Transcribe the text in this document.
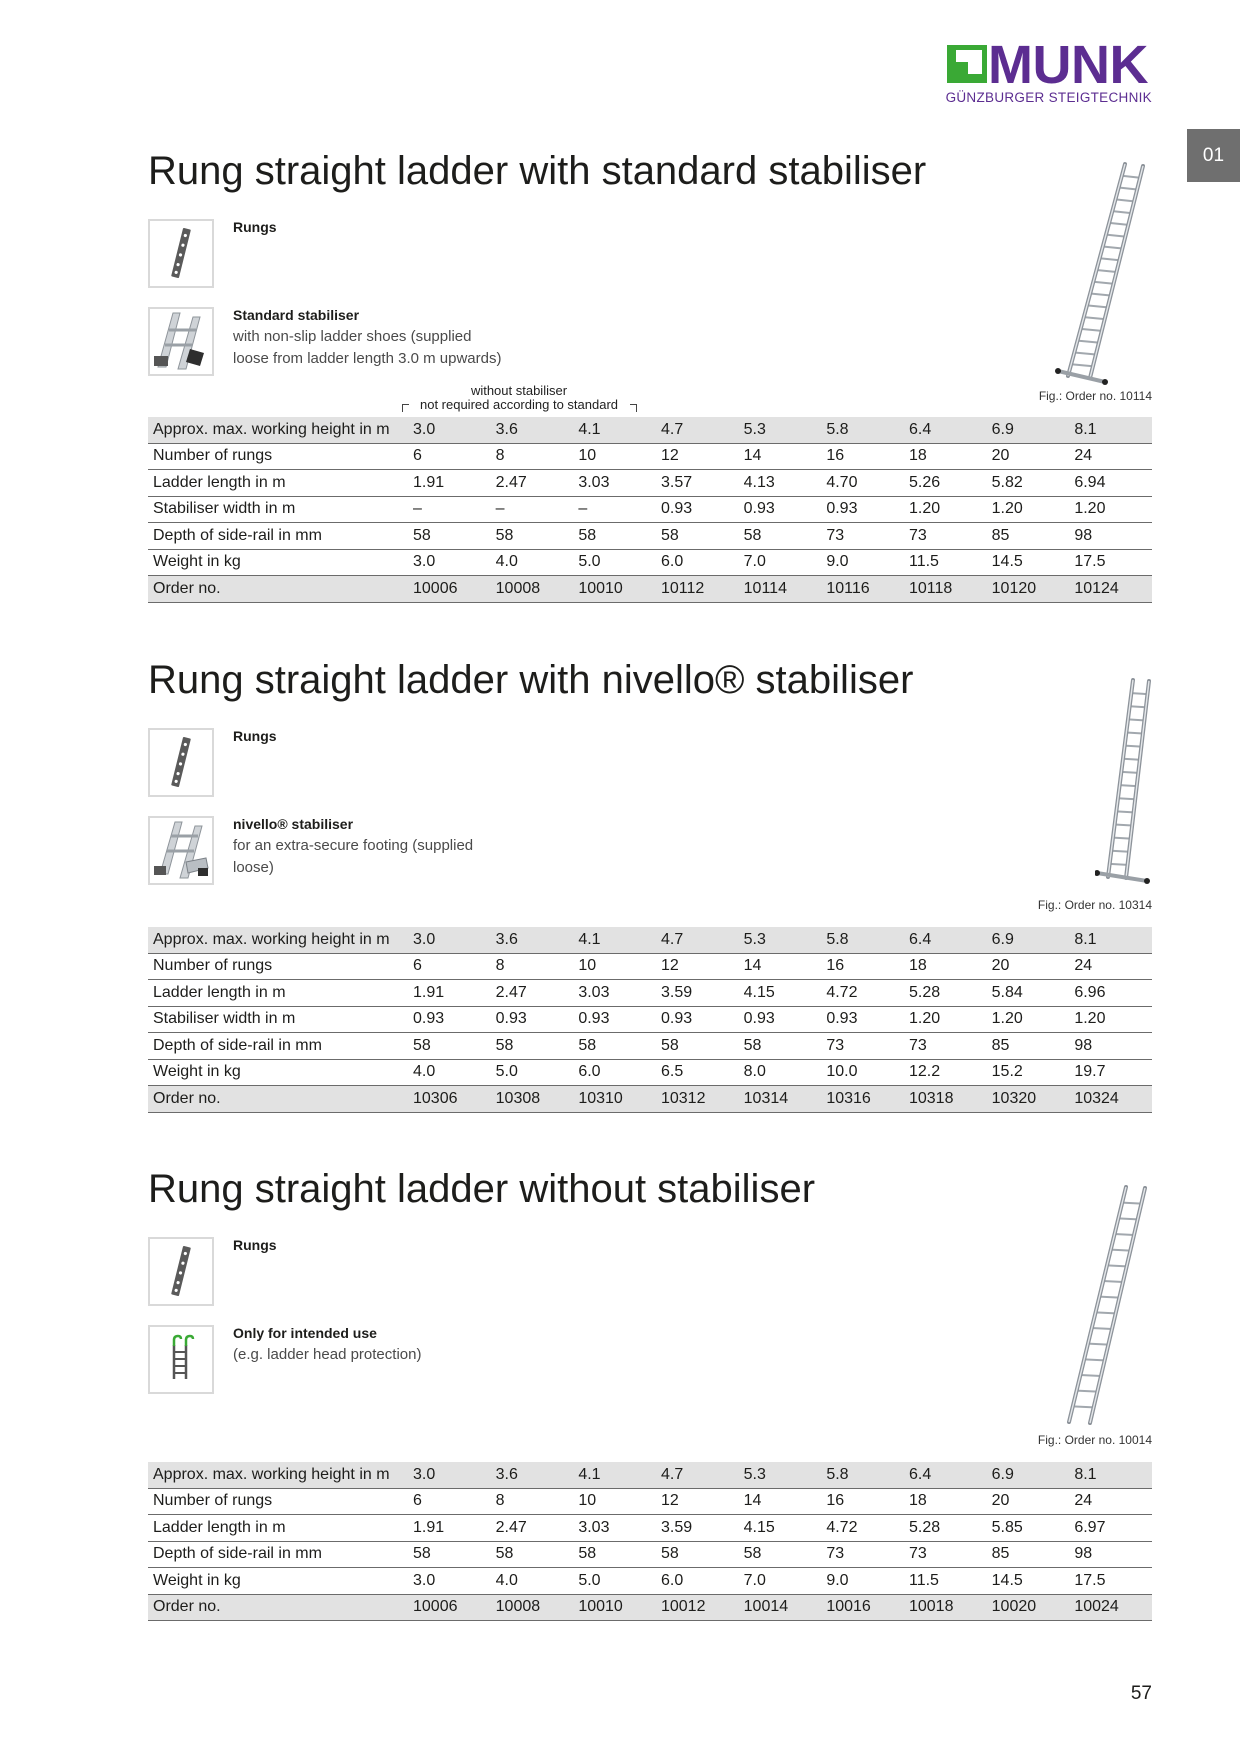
MUNK
GÜNZBURGER STEIGTECHNIK
01
Rung straight ladder with standard stabiliser
Rungs
Standard stabiliser
with non-slip ladder shoes (supplied
loose from ladder length 3.0 m upwards)
Fig.: Order no. 10114
without stabiliser
not required according to standard
Approx. max. working height in m	3.0	3.6	4.1	4.7	5.3	5.8	6.4	6.9	8.1
Number of rungs	6	8	10	12	14	16	18	20	24
Ladder length in m	1.91	2.47	3.03	3.57	4.13	4.70	5.26	5.82	6.94
Stabiliser width in m	–	–	–	0.93	0.93	0.93	1.20	1.20	1.20
Depth of side-rail in mm	58	58	58	58	58	73	73	85	98
Weight in kg	3.0	4.0	5.0	6.0	7.0	9.0	11.5	14.5	17.5
Order no.	10006	10008	10010	10112	10114	10116	10118	10120	10124
Rung straight ladder with nivello® stabiliser
Rungs
nivello® stabiliser
for an extra-secure footing (supplied
loose)
Fig.: Order no. 10314
Approx. max. working height in m	3.0	3.6	4.1	4.7	5.3	5.8	6.4	6.9	8.1
Number of rungs	6	8	10	12	14	16	18	20	24
Ladder length in m	1.91	2.47	3.03	3.59	4.15	4.72	5.28	5.84	6.96
Stabiliser width in m	0.93	0.93	0.93	0.93	0.93	0.93	1.20	1.20	1.20
Depth of side-rail in mm	58	58	58	58	58	73	73	85	98
Weight in kg	4.0	5.0	6.0	6.5	8.0	10.0	12.2	15.2	19.7
Order no.	10306	10308	10310	10312	10314	10316	10318	10320	10324
Rung straight ladder without stabiliser
Rungs
Only for intended use
(e.g. ladder head protection)
Fig.: Order no. 10014
Approx. max. working height in m	3.0	3.6	4.1	4.7	5.3	5.8	6.4	6.9	8.1
Number of rungs	6	8	10	12	14	16	18	20	24
Ladder length in m	1.91	2.47	3.03	3.59	4.15	4.72	5.28	5.85	6.97
Depth of side-rail in mm	58	58	58	58	58	73	73	85	98
Weight in kg	3.0	4.0	5.0	6.0	7.0	9.0	11.5	14.5	17.5
Order no.	10006	10008	10010	10012	10014	10016	10018	10020	10024
57
